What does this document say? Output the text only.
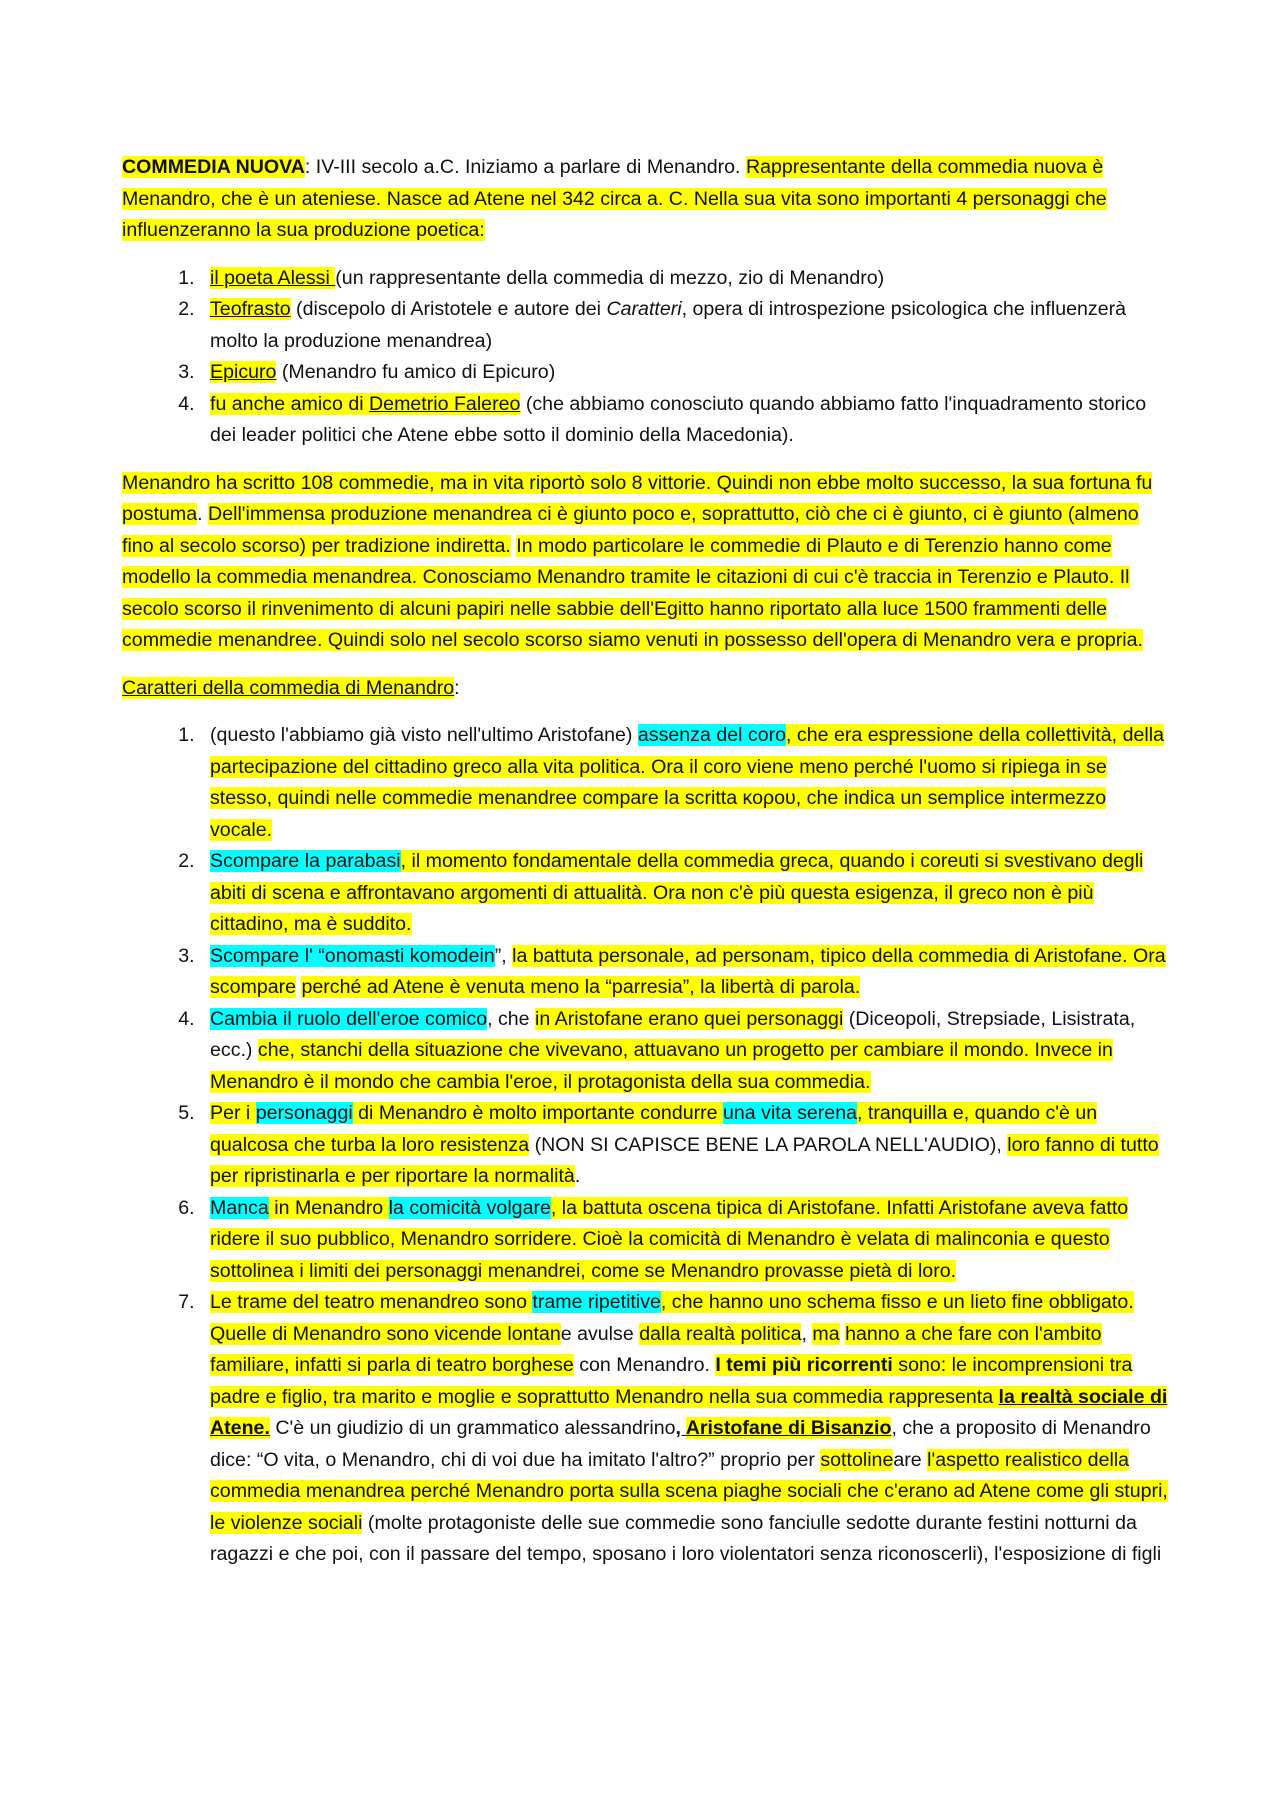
COMMEDIA NUOVA: IV-III secolo a.C. Iniziamo a parlare di Menandro. Rappresentante della commedia nuova è Menandro, che è un ateniese. Nasce ad Atene nel 342 circa a. C. Nella sua vita sono importanti 4 personaggi che influenzeranno la sua produzione poetica:

1. il poeta Alessi (un rappresentante della commedia di mezzo, zio di Menandro)
2. Teofrasto (discepolo di Aristotele e autore dei Caratteri, opera di introspezione psicologica che influenzerà molto la produzione menandrea)
3. Epicuro (Menandro fu amico di Epicuro)
4. fu anche amico di Demetrio Falereo (che abbiamo conosciuto quando abbiamo fatto l'inquadramento storico dei leader politici che Atene ebbe sotto il dominio della Macedonia).

Menandro ha scritto 108 commedie, ma in vita riportò solo 8 vittorie. Quindi non ebbe molto successo, la sua fortuna fu postuma. Dell'immensa produzione menandrea ci è giunto poco e, soprattutto, ciò che ci è giunto, ci è giunto (almeno fino al secolo scorso) per tradizione indiretta. In modo particolare le commedie di Plauto e di Terenzio hanno come modello la commedia menandrea. Conosciamo Menandro tramite le citazioni di cui c'è traccia in Terenzio e Plauto. Il secolo scorso il rinvenimento di alcuni papiri nelle sabbie dell'Egitto hanno riportato alla luce 1500 frammenti delle commedie menandree. Quindi solo nel secolo scorso siamo venuti in possesso dell'opera di Menandro vera e propria.

Caratteri della commedia di Menandro:

1. (questo l'abbiamo già visto nell'ultimo Aristofane) assenza del coro, che era espressione della collettività, della partecipazione del cittadino greco alla vita politica. Ora il coro viene meno perché l'uomo si ripiega in se stesso, quindi nelle commedie menandree compare la scritta κορου, che indica un semplice intermezzo vocale.
2. Scompare la parabasi, il momento fondamentale della commedia greca, quando i coreuti si svestivano degli abiti di scena e affrontavano argomenti di attualità. Ora non c'è più questa esigenza, il greco non è più cittadino, ma è suddito.
3. Scompare l' “onomasti komodein”, la battuta personale, ad personam, tipico della commedia di Aristofane. Ora scompare perché ad Atene è venuta meno la “parresia”, la libertà di parola.
4. Cambia il ruolo dell'eroe comico, che in Aristofane erano quei personaggi (Diceopoli, Strepsiade, Lisistrata, ecc.) che, stanchi della situazione che vivevano, attuavano un progetto per cambiare il mondo. Invece in Menandro è il mondo che cambia l'eroe, il protagonista della sua commedia.
5. Per i personaggi di Menandro è molto importante condurre una vita serena, tranquilla e, quando c'è un qualcosa che turba la loro resistenza (NON SI CAPISCE BENE LA PAROLA NELL'AUDIO), loro fanno di tutto per ripristinarla e per riportare la normalità.
6. Manca in Menandro la comicità volgare, la battuta oscena tipica di Aristofane. Infatti Aristofane aveva fatto ridere il suo pubblico, Menandro sorridere. Cioè la comicità di Menandro è velata di malinconia e questo sottolinea i limiti dei personaggi menandrei, come se Menandro provasse pietà di loro.
7. Le trame del teatro menandreo sono trame ripetitive, che hanno uno schema fisso e un lieto fine obbligato. Quelle di Menandro sono vicende lontane avulse dalla realtà politica, ma hanno a che fare con l'ambito familiare, infatti si parla di teatro borghese con Menandro. I temi più ricorrenti sono: le incomprensioni tra padre e figlio, tra marito e moglie e soprattutto Menandro nella sua commedia rappresenta la realtà sociale di Atene. C'è un giudizio di un grammatico alessandrino, Aristofane di Bisanzio, che a proposito di Menandro dice: “O vita, o Menandro, chi di voi due ha imitato l'altro?” proprio per sottolineare l'aspetto realistico della commedia menandrea perché Menandro porta sulla scena piaghe sociali che c'erano ad Atene come gli stupri, le violenze sociali (molte protagoniste delle sue commedie sono fanciulle sedotte durante festini notturni da ragazzi e che poi, con il passare del tempo, sposano i loro violentatori senza riconoscerli), l'esposizione di figli
